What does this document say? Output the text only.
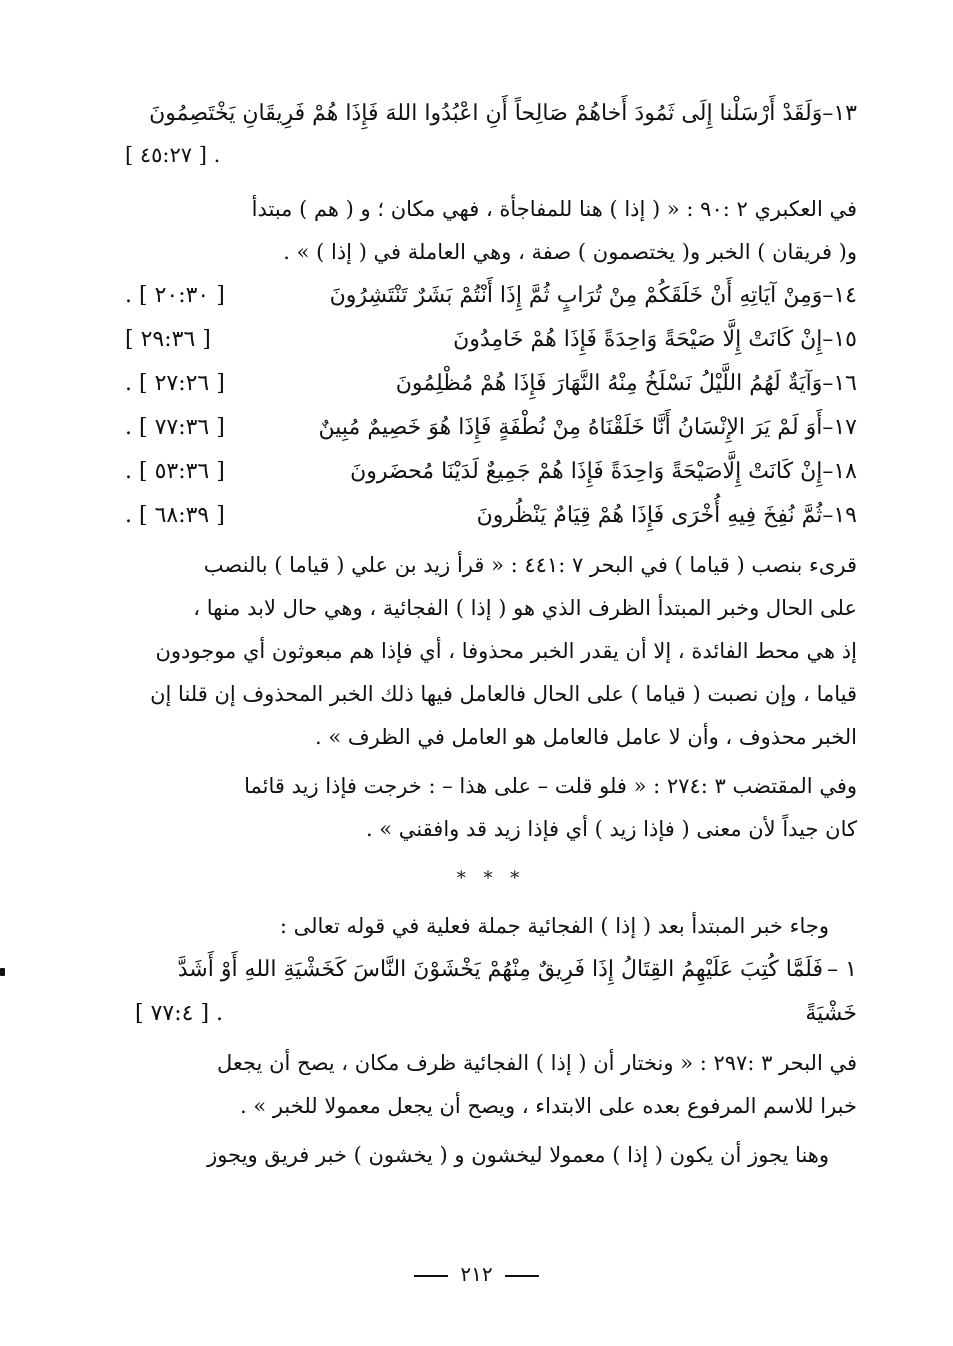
١٣–
وَلَقَدْ أَرْسَلْنا إِلَى ثَمُودَ أَخاهُمْ صَالِحاً أَنِ اعْبُدُوا اللهَ فَإِذَا هُمْ فَرِيقَانِ يَخْتَصِمُونَ
. [ ٤٥:٢٧ ]
في العكبري ٢ :٩٠ : « ( إذا ) هنا للمفاجأة ، فهي مكان ؛ و ( هم ) مبتدأ
و( فريقان ) الخبر و( يختصمون ) صفة ، وهي العاملة في ( إذا ) » .
١٤–
وَمِنْ آيَاتِهِ أَنْ خَلَقَكُمْ مِنْ تُرَابٍ ثُمَّ إِذَا أَنْتُمْ بَشَرٌ تَنْتَشِرُونَ
[ ٢٠:٣٠ ] .
١٥–
إِنْ كَانَتْ إِلَّا صَيْحَةً وَاحِدَةً فَإِذَا هُمْ خَامِدُونَ
[ ٢٩:٣٦ ]
١٦–
وَآيَةٌ لَهُمُ اللَّيْلُ نَسْلَخُ مِنْهُ النَّهَارَ فَإِذَا هُمْ مُظْلِمُونَ
[ ٢٧:٢٦ ] .
١٧–
أَوَ لَمْ يَرَ الإِنْسَانُ أَنَّا خَلَقْنَاهُ مِنْ نُطْفَةٍ فَإِذَا هُوَ خَصِيمٌ مُبِينٌ
[ ٧٧:٣٦ ] .
١٨–
إِنْ كَانَتْ إِلَّاصَيْحَةً وَاحِدَةً فَإِذَا هُمْ جَمِيعٌ لَدَيْنَا مُحضَرونَ
[ ٥٣:٣٦ ] .
١٩–
ثُمَّ نُفِخَ فِيهِ أُخْرَى فَإِذَا هُمْ قِيَامٌ يَنْظُرونَ
[ ٦٨:٣٩ ] .
قرىء بنصب ( قياما ) في البحر ٧ :٤٤١ : « قرأ زيد بن علي ( قياما ) بالنصب
على الحال وخبر المبتدأ الظرف الذي هو ( إذا ) الفجائية ، وهي حال لابد منها ،
إذ هي محط الفائدة ، إلا أن يقدر الخبر محذوفا ، أي فإذا هم مبعوثون أي موجودون
قياما ، وإن نصبت ( قياما ) على الحال فالعامل فيها ذلك الخبر المحذوف إن قلنا إن
الخبر محذوف ، وأن لا عامل فالعامل هو العامل في الظرف » .
وفي المقتضب ٣ :٢٧٤ : « فلو قلت – على هذا – : خرجت فإذا زيد قائما
كان جيداً لأن معنى ( فإذا زيد ) أي فإذا زيد قد وافقني » .
* * *
وجاء خبر المبتدأ بعد ( إذا ) الفجائية جملة فعلية في قوله تعالى :
١ –
فَلَمَّا كُتِبَ عَلَيْهِمُ القِتَالُ إِذَا فَرِيقٌ مِنْهُمْ يَخْشَوْنَ النَّاسَ كَخَشْيَةِ اللهِ أَوْ أَشَدَّ
خَشْيَةً
. [ ٧٧:٤ ]
في البحر ٣ :٢٩٧ : « ونختار أن ( إذا ) الفجائية ظرف مكان ، يصح أن يجعل
خبرا للاسم المرفوع بعده على الابتداء ، ويصح أن يجعل معمولا للخبر » .
وهنا يجوز أن يكون ( إذا ) معمولا ليخشون و ( يخشون ) خبر فريق ويجوز
٢١٢
